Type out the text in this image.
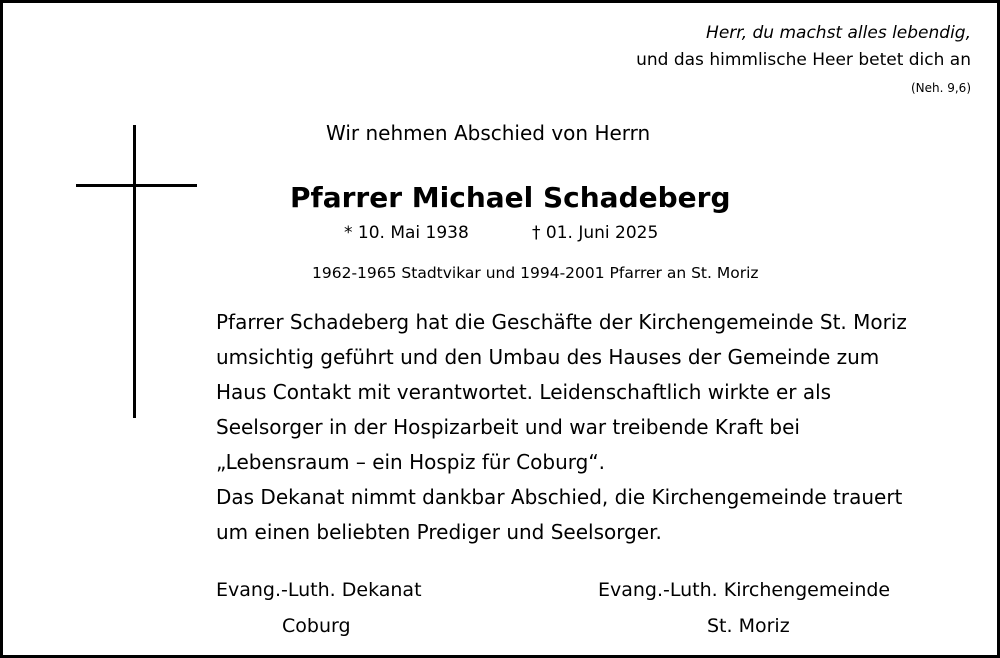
Herr, du machst alles lebendig,
und das himmlische Heer betet dich an
(Neh. 9,6)
Wir nehmen Abschied von Herrn
Pfarrer Michael Schadeberg
* 10. Mai 1938	† 01. Juni 2025
1962-1965 Stadtvikar und 1994-2001 Pfarrer an St. Moriz
Pfarrer Schadeberg hat die Geschäfte der Kirchengemeinde St. Moriz
umsichtig geführt und den Umbau des Hauses der Gemeinde zum
Haus Contakt mit verantwortet. Leidenschaftlich wirkte er als
Seelsorger in der Hospizarbeit und war treibende Kraft bei
„Lebensraum – ein Hospiz für Coburg“.
Das Dekanat nimmt dankbar Abschied, die Kirchengemeinde trauert
um einen beliebten Prediger und Seelsorger.
Evang.-Luth. Dekanat
Coburg
Evang.-Luth. Kirchengemeinde
St. Moriz
